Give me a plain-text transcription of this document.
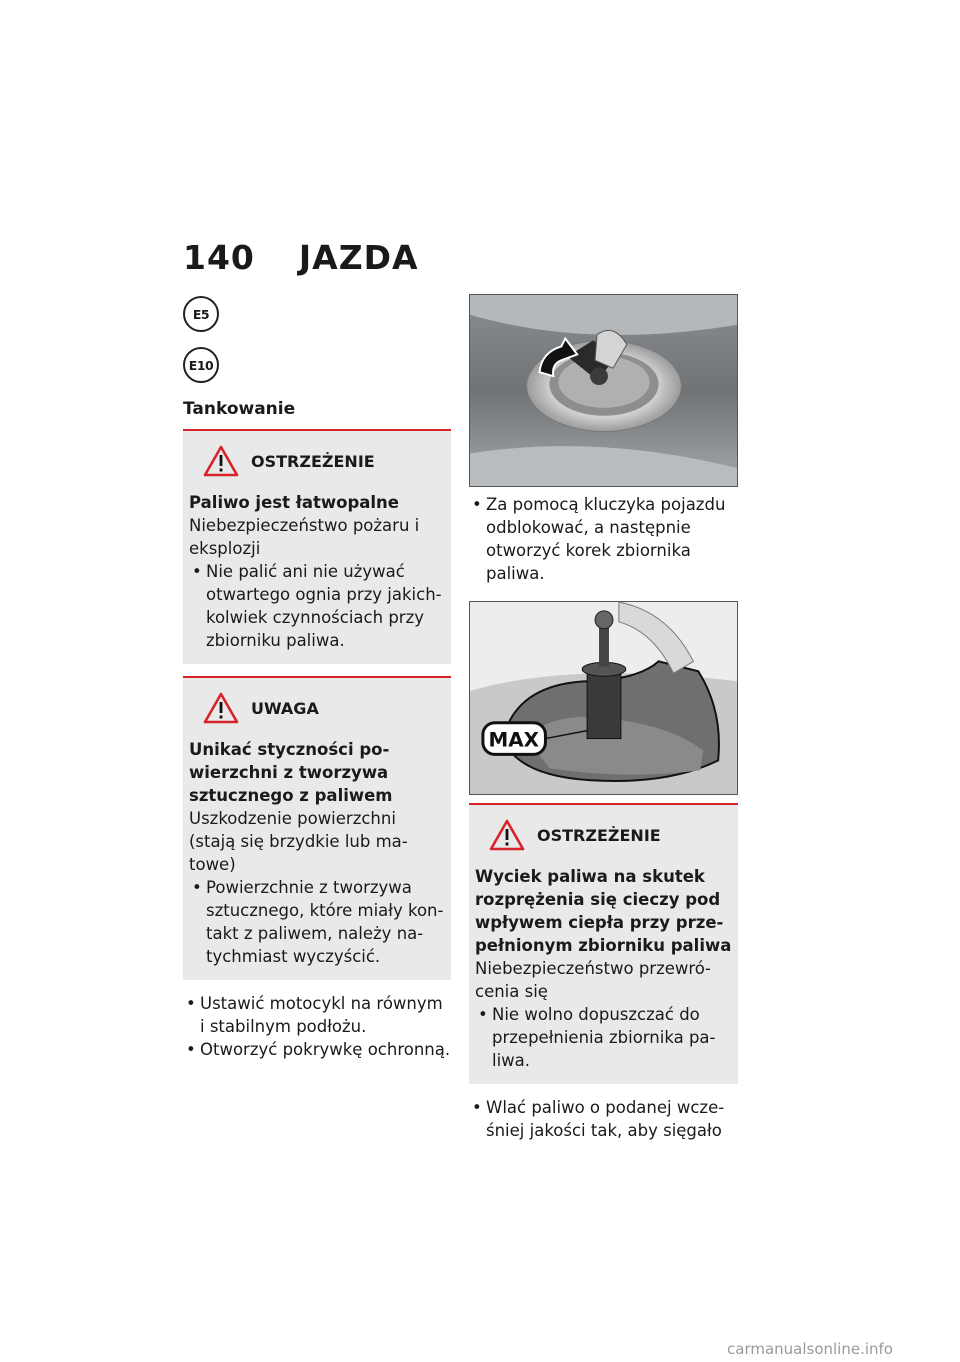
140 JAZDA
E5
E10
Tankowanie
OSTRZEŻENIE
Paliwo jest łatwopalne
Niebezpieczeństwo pożaru i eksplozji
• Nie palić ani nie używać otwartego ognia przy jakichkolwiek czynnościach przy zbiorniku paliwa.
UWAGA
Unikać styczności powierzchni z tworzywa sztucznego z paliwem
Uszkodzenie powierzchni (stają się brzydkie lub matowe)
• Powierzchnie z tworzywa sztucznego, które miały kontakt z paliwem, należy natychmiast wyczyścić.
• Ustawić motocykl na równym i stabilnym podłożu.
• Otworzyć pokrywkę ochronną.
• Za pomocą kluczyka pojazdu odblokować, a następnie otworzyć korek zbiornika paliwa.
MAX
OSTRZEŻENIE
Wyciek paliwa na skutek rozprężenia się cieczy pod wpływem ciepła przy przepełnionym zbiorniku paliwa
Niebezpieczeństwo przewrócenia się
• Nie wolno dopuszczać do przepełnienia zbiornika paliwa.
• Wlać paliwo o podanej wcześniej jakości tak, aby sięgało
carmanualsonline.info
